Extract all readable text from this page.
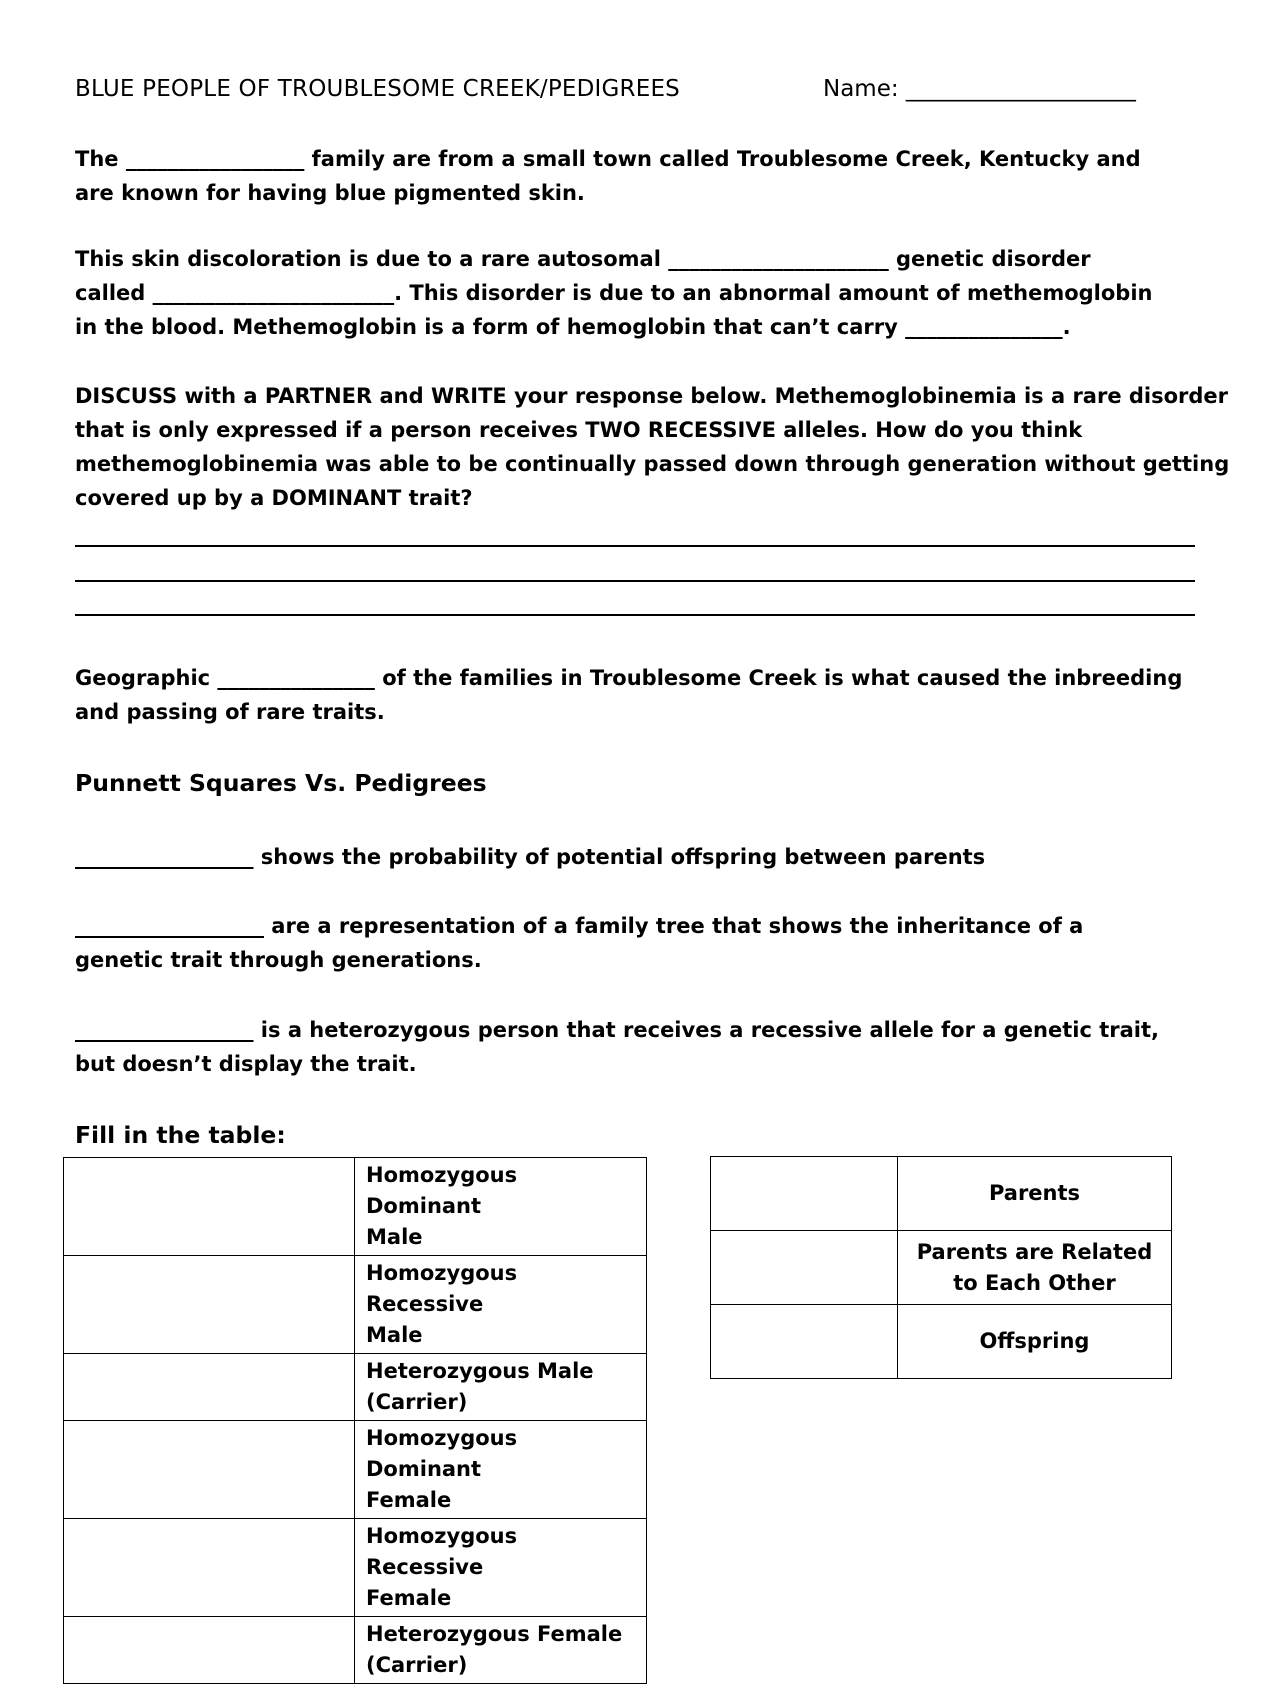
BLUE PEOPLE OF TROUBLESOME CREEK/PEDIGREES	Name: ____________________
The _________________ family are from a small town called Troublesome Creek, Kentucky and
are known for having blue pigmented skin.
This skin discoloration is due to a rare autosomal _____________________ genetic disorder
called _______________________. This disorder is due to an abnormal amount of methemoglobin
in the blood. Methemoglobin is a form of hemoglobin that can’t carry _______________.
DISCUSS with a PARTNER and WRITE your response below. Methemoglobinemia is a rare disorder
that is only expressed if a person receives TWO RECESSIVE alleles. How do you think
methemoglobinemia was able to be continually passed down through generation without getting
covered up by a DOMINANT trait?
Geographic _______________ of the families in Troublesome Creek is what caused the inbreeding
and passing of rare traits.
Punnett Squares Vs. Pedigrees
_________________ shows the probability of potential offspring between parents
__________________ are a representation of a family tree that shows the inheritance of a
genetic trait through generations.
_________________ is a heterozygous person that receives a recessive allele for a genetic trait,
but doesn’t display the trait.
Fill in the table:

	Homozygous Dominant
Male

	Homozygous Recessive
Male

	Heterozygous Male
(Carrier)

	Homozygous Dominant
Female

	Homozygous Recessive
Female

	Heterozygous Female
(Carrier)

	Parents

	Parents are Related
to Each Other

	Offspring
